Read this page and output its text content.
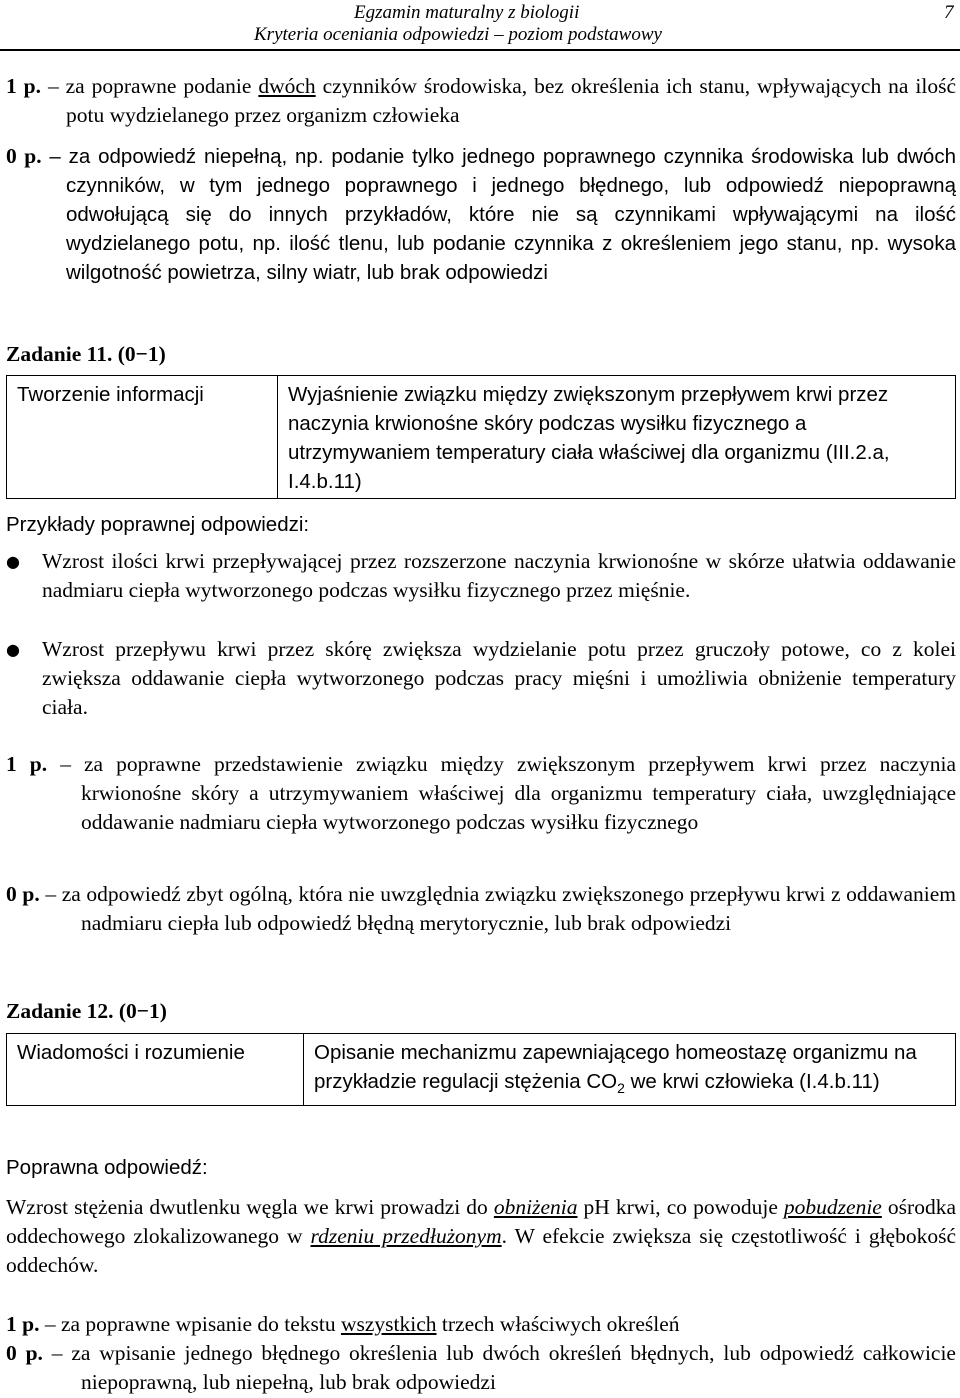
Egzamin maturalny z biologii
Kryteria oceniania odpowiedzi – poziom podstawowy
7
1 p. – za poprawne podanie dwóch czynników środowiska, bez określenia ich stanu, wpływających na ilość potu wydzielanego przez organizm człowieka
0 p. – za odpowiedź niepełną, np. podanie tylko jednego poprawnego czynnika środowiska lub dwóch czynników, w tym jednego poprawnego i jednego błędnego, lub odpowiedź niepoprawną odwołującą się do innych przykładów, które nie są czynnikami wpływającymi na ilość wydzielanego potu, np. ilość tlenu, lub podanie czynnika z określeniem jego stanu, np. wysoka wilgotność powietrza, silny wiatr, lub brak odpowiedzi
Zadanie 11. (0−1)
Tworzenie informacji	Wyjaśnienie związku między zwiększonym przepływem krwi przez naczynia krwionośne skóry podczas wysiłku fizycznego a utrzymywaniem temperatury ciała właściwej dla organizmu (III.2.a, I.4.b.11)
Przykłady poprawnej odpowiedzi:
●	Wzrost ilości krwi przepływającej przez rozszerzone naczynia krwionośne w skórze ułatwia oddawanie nadmiaru ciepła wytworzonego podczas wysiłku fizycznego przez mięśnie.
●	Wzrost przepływu krwi przez skórę zwiększa wydzielanie potu przez gruczoły potowe, co z kolei zwiększa oddawanie ciepła wytworzonego podczas pracy mięśni i umożliwia obniżenie temperatury ciała.
1 p. – za poprawne przedstawienie związku między zwiększonym przepływem krwi przez naczynia krwionośne skóry a utrzymywaniem właściwej dla organizmu temperatury ciała, uwzględniające oddawanie nadmiaru ciepła wytworzonego podczas wysiłku fizycznego
0 p. – za odpowiedź zbyt ogólną, która nie uwzględnia związku zwiększonego przepływu krwi z oddawaniem nadmiaru ciepła lub odpowiedź błędną merytorycznie, lub brak odpowiedzi
Zadanie 12. (0−1)
Wiadomości i rozumienie	Opisanie mechanizmu zapewniającego homeostazę organizmu na przykładzie regulacji stężenia $CO_2$ we krwi człowieka (I.4.b.11)
Poprawna odpowiedź:
Wzrost stężenia dwutlenku węgla we krwi prowadzi do obniżenia pH krwi, co powoduje pobudzenie ośrodka oddechowego zlokalizowanego w rdzeniu przedłużonym. W efekcie zwiększa się częstotliwość i głębokość oddechów.
1 p. – za poprawne wpisanie do tekstu wszystkich trzech właściwych określeń
0 p. – za wpisanie jednego błędnego określenia lub dwóch określeń błędnych, lub odpowiedź całkowicie niepoprawną, lub niepełną, lub brak odpowiedzi
